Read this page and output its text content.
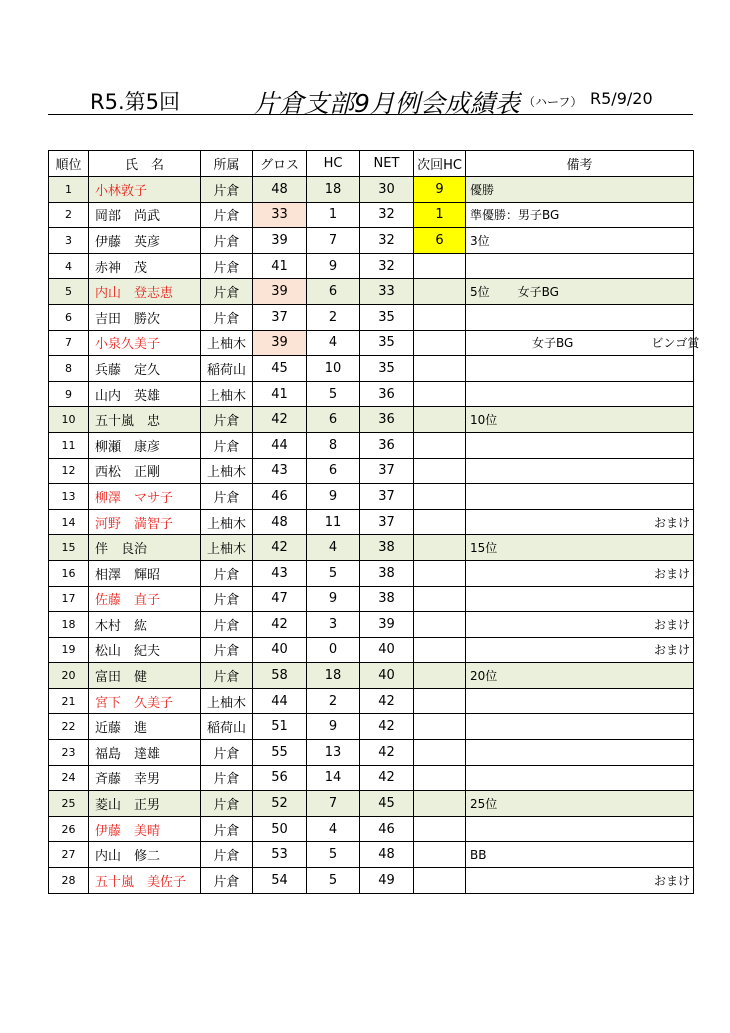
R5.第5回	片倉支部9月例会成績表 （ハーフ） R5/9/20
順位	氏　名	所属	グロス	HC	NET	次回HC	備考
1	小林敦子	片倉	48	18	30	9	優勝
2	岡部　尚武	片倉	33	1	32	1	準優勝：男子BG
3	伊藤　英彦	片倉	39	7	32	6	3位
4	赤神　茂	片倉	41	9	32		
5	内山　登志恵	片倉	39	6	33		5位 女子BG
6	吉田　勝次	片倉	37	2	35		
7	小泉久美子	上柚木	39	4	35		女子BG ビンゴ賞
8	兵藤　定久	稲荷山	45	10	35		
9	山内　英雄	上柚木	41	5	36		
10	五十嵐　忠	片倉	42	6	36		10位
11	柳瀬　康彦	片倉	44	8	36		
12	西松　正剛	上柚木	43	6	37		
13	柳澤　マサ子	片倉	46	9	37		
14	河野　満智子	上柚木	48	11	37		おまけ
15	伴　良治	上柚木	42	4	38		15位
16	相澤　輝昭	片倉	43	5	38		おまけ
17	佐藤　直子	片倉	47	9	38		
18	木村　紘	片倉	42	3	39		おまけ
19	松山　紀夫	片倉	40	0	40		おまけ
20	富田　健	片倉	58	18	40		20位
21	宮下　久美子	上柚木	44	2	42		
22	近藤　進	稲荷山	51	9	42		
23	福島　達雄	片倉	55	13	42		
24	斉藤　幸男	片倉	56	14	42		
25	菱山　正男	片倉	52	7	45		25位
26	伊藤　美晴	片倉	50	4	46		
27	内山　修二	片倉	53	5	48		BB
28	五十嵐　美佐子	片倉	54	5	49		おまけ
